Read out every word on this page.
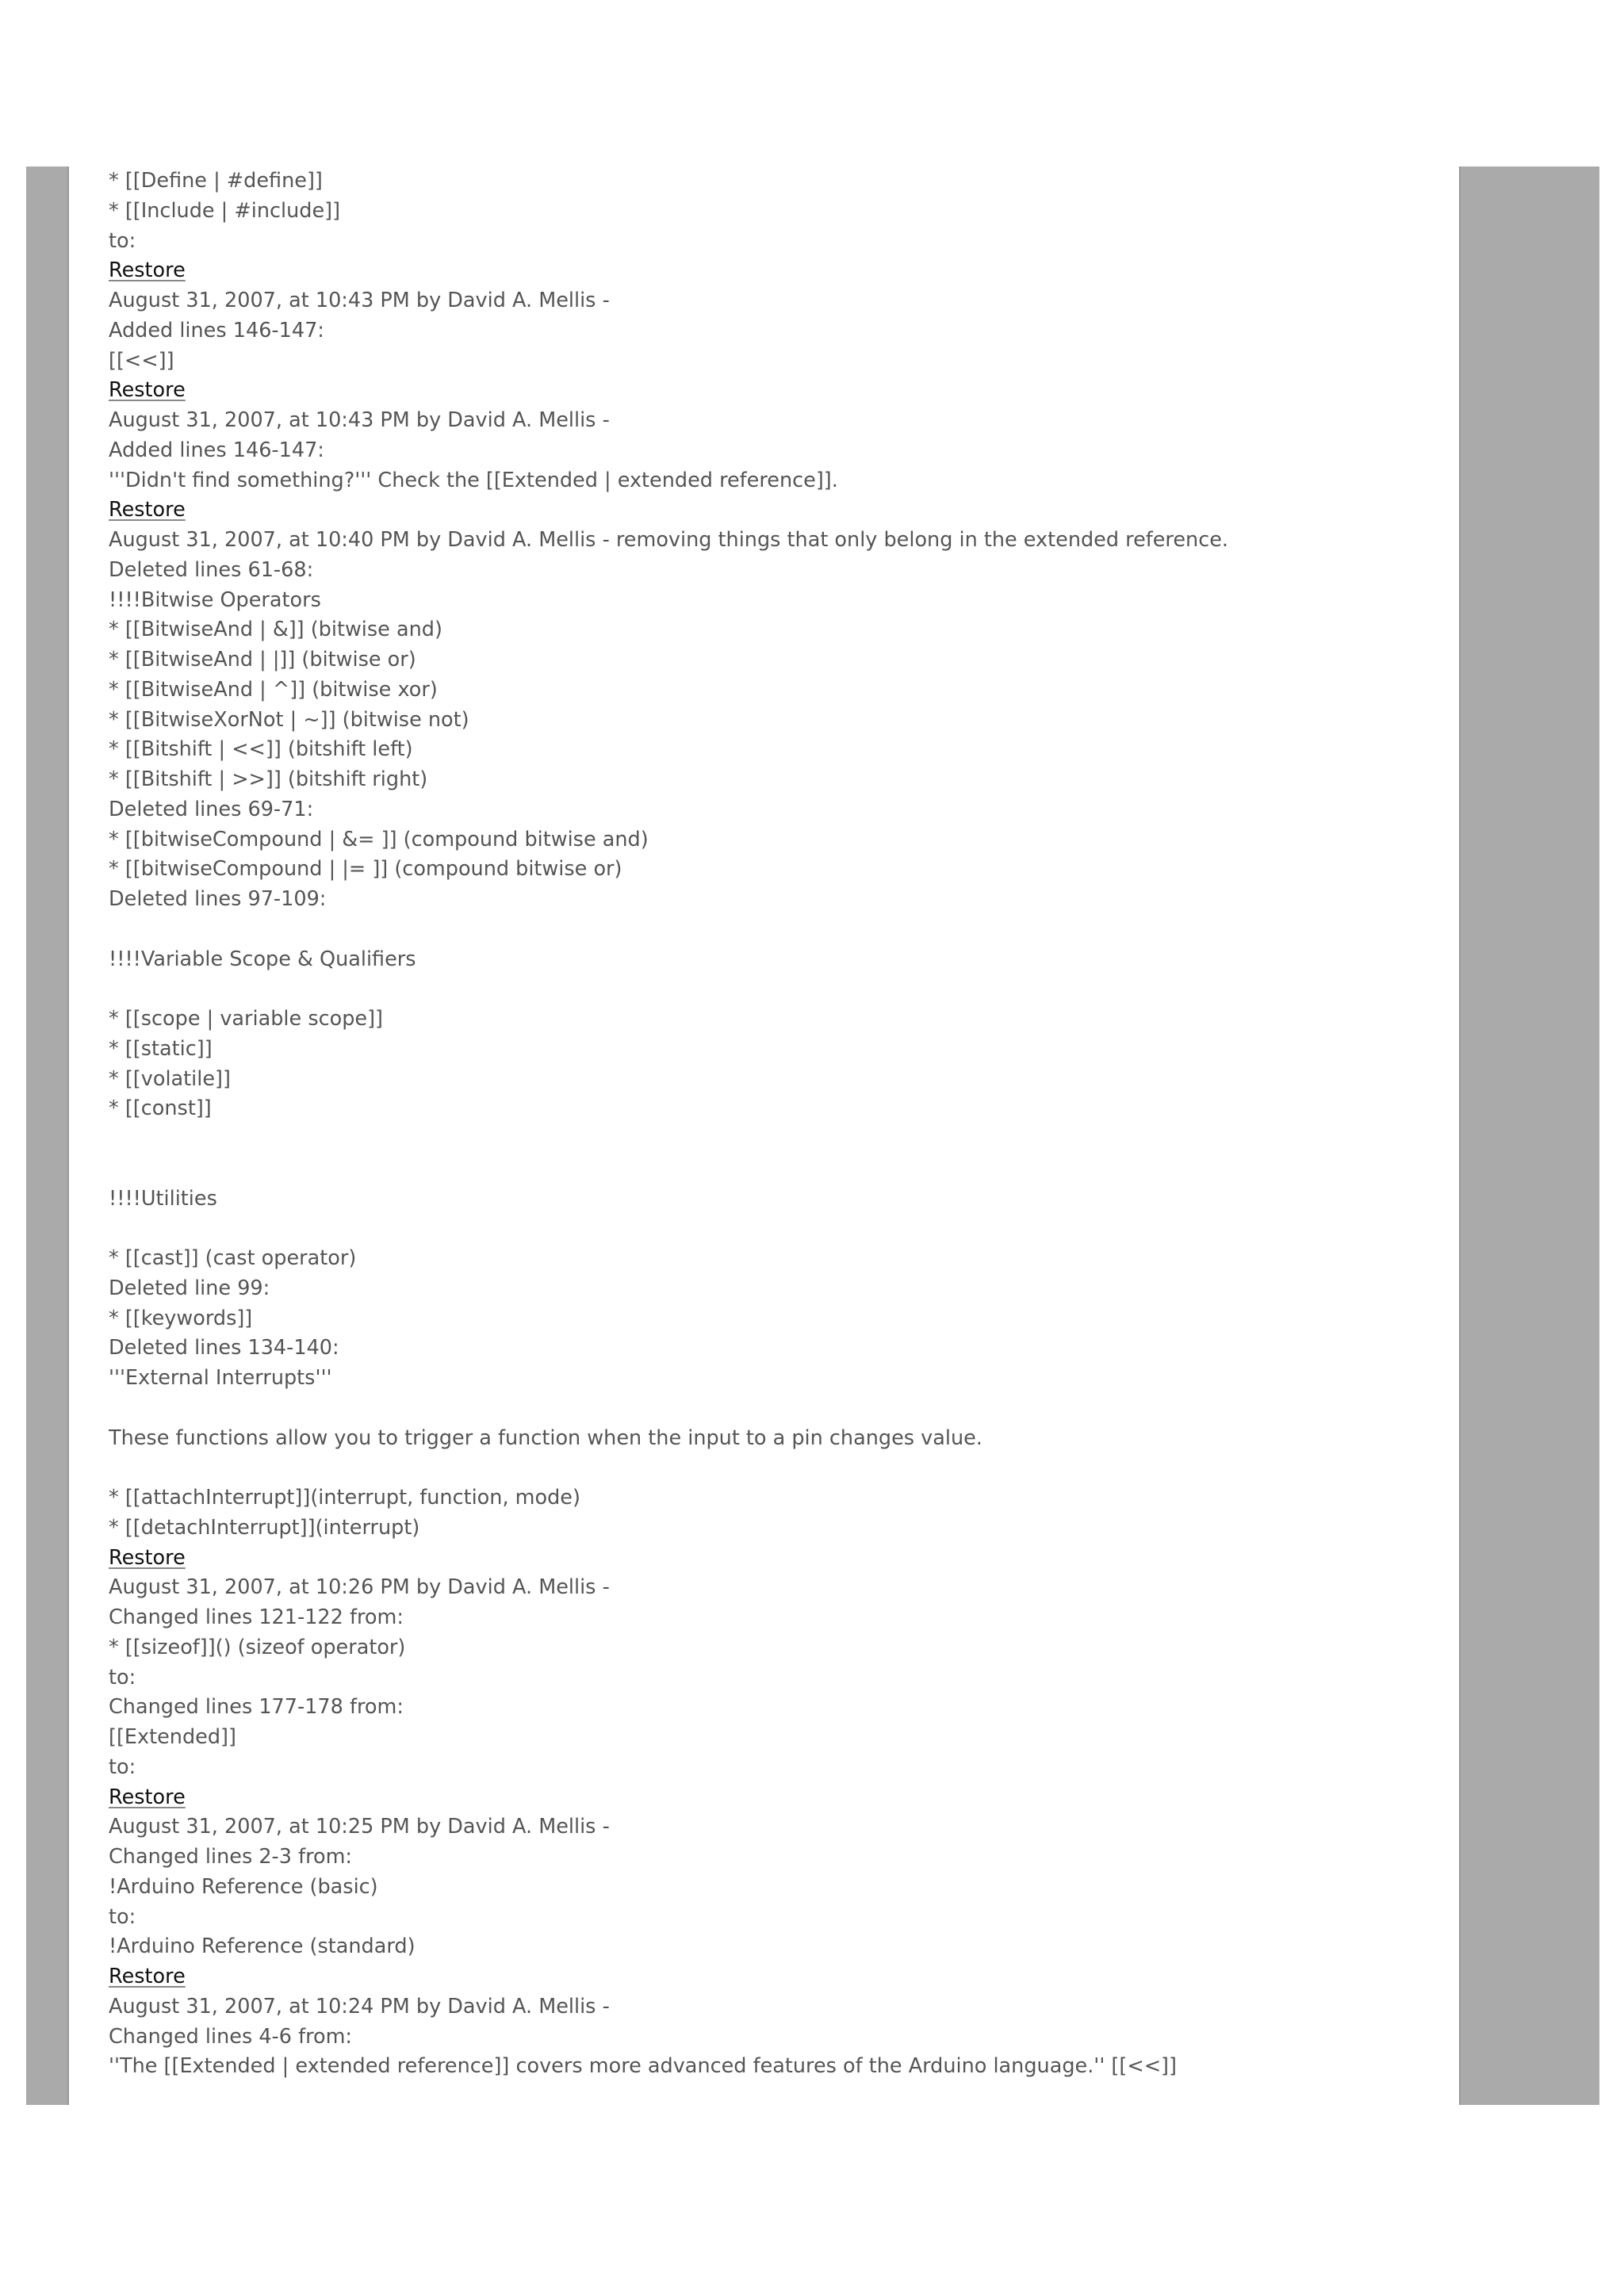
* [[Define | #define]]
* [[Include | #include]]
to:
Restore
August 31, 2007, at 10:43 PM by David A. Mellis -
Added lines 146-147:
[[<<]]
Restore
August 31, 2007, at 10:43 PM by David A. Mellis -
Added lines 146-147:
'''Didn't find something?''' Check the [[Extended | extended reference]].
Restore
August 31, 2007, at 10:40 PM by David A. Mellis - removing things that only belong in the extended reference.
Deleted lines 61-68:
!!!!Bitwise Operators
* [[BitwiseAnd | &]] (bitwise and)
* [[BitwiseAnd | |]] (bitwise or)
* [[BitwiseAnd | ^]] (bitwise xor)
* [[BitwiseXorNot | ~]] (bitwise not)
* [[Bitshift | <<]] (bitshift left)
* [[Bitshift | >>]] (bitshift right)
Deleted lines 69-71:
* [[bitwiseCompound | &= ]] (compound bitwise and)
* [[bitwiseCompound | |= ]] (compound bitwise or)
Deleted lines 97-109:
!!!!Variable Scope & Qualifiers
* [[scope | variable scope]]
* [[static]]
* [[volatile]]
* [[const]]
!!!!Utilities
* [[cast]] (cast operator)
Deleted line 99:
* [[keywords]]
Deleted lines 134-140:
'''External Interrupts'''
These functions allow you to trigger a function when the input to a pin changes value.
* [[attachInterrupt]](interrupt, function, mode)
* [[detachInterrupt]](interrupt)
Restore
August 31, 2007, at 10:26 PM by David A. Mellis -
Changed lines 121-122 from:
* [[sizeof]]() (sizeof operator)
to:
Changed lines 177-178 from:
[[Extended]]
to:
Restore
August 31, 2007, at 10:25 PM by David A. Mellis -
Changed lines 2-3 from:
!Arduino Reference (basic)
to:
!Arduino Reference (standard)
Restore
August 31, 2007, at 10:24 PM by David A. Mellis -
Changed lines 4-6 from:
''The [[Extended | extended reference]] covers more advanced features of the Arduino language.'' [[<<]]
